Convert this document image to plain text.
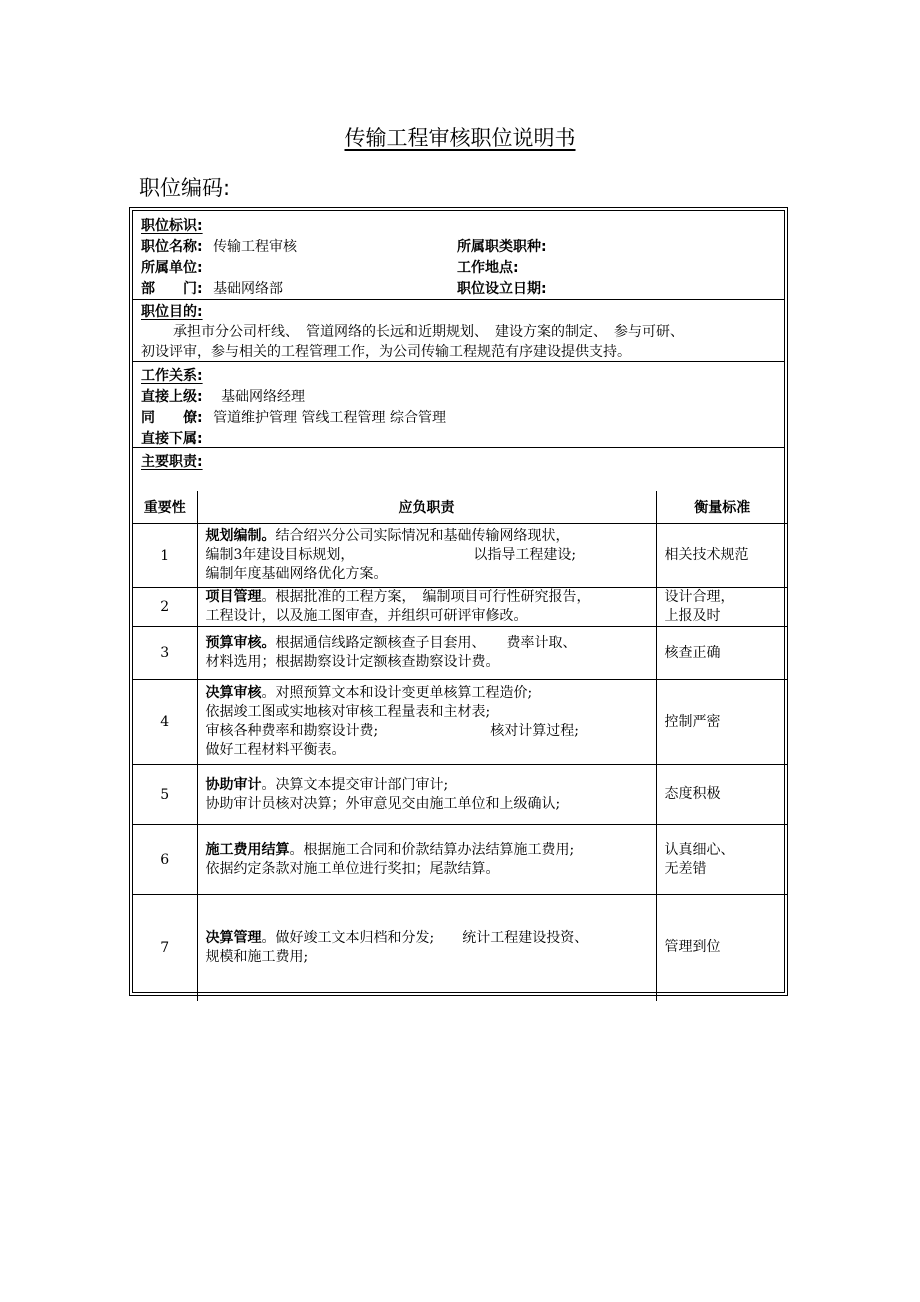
传输工程审核职位说明书
职位编码:
职位标识:
职位名称: 传输工程审核	所属职类职种:
所属单位:	工作地点:
部　　门: 基础网络部	职位设立日期:
职位目的:
承担市分公司杆线、　管道网络的长远和近期规划、　建设方案的制定、　参与可研、
初设评审，参与相关的工程管理工作，为公司传输工程规范有序建设提供支持。
工作关系:
直接上级: 基础网络经理
同　　僚: 管道维护管理 管线工程管理 综合管理
直接下属:
主要职责:
重要性	应负职责	衡量标准
1	规划编制。结合绍兴分公司实际情况和基础传输网络现状，
编制3年建设目标规划，　　　　　　　　　以指导工程建设;
编制年度基础网络优化方案。	相关技术规范
2	项目管理。根据批准的工程方案，　编制项目可行性研究报告，
工程设计，以及施工图审查，并组织可研评审修改。	设计合理，
上报及时
3	预算审核。根据通信线路定额核查子目套用、　　费率计取、
材料选用；根据勘察设计定额核查勘察设计费。	核查正确
4	决算审核。对照预算文本和设计变更单核算工程造价;
依据竣工图或实地核对审核工程量表和主材表;
审核各种费率和勘察设计费;　　　　　　　　核对计算过程;
做好工程材料平衡表。	控制严密
5	协助审计。决算文本提交审计部门审计;
协助审计员核对决算；外审意见交由施工单位和上级确认;	态度积极
6	施工费用结算。根据施工合同和价款结算办法结算施工费用;
依据约定条款对施工单位进行奖扣；尾款结算。	认真细心、
无差错
7	决算管理。做好竣工文本归档和分发;　　统计工程建设投资、
规模和施工费用;	管理到位
